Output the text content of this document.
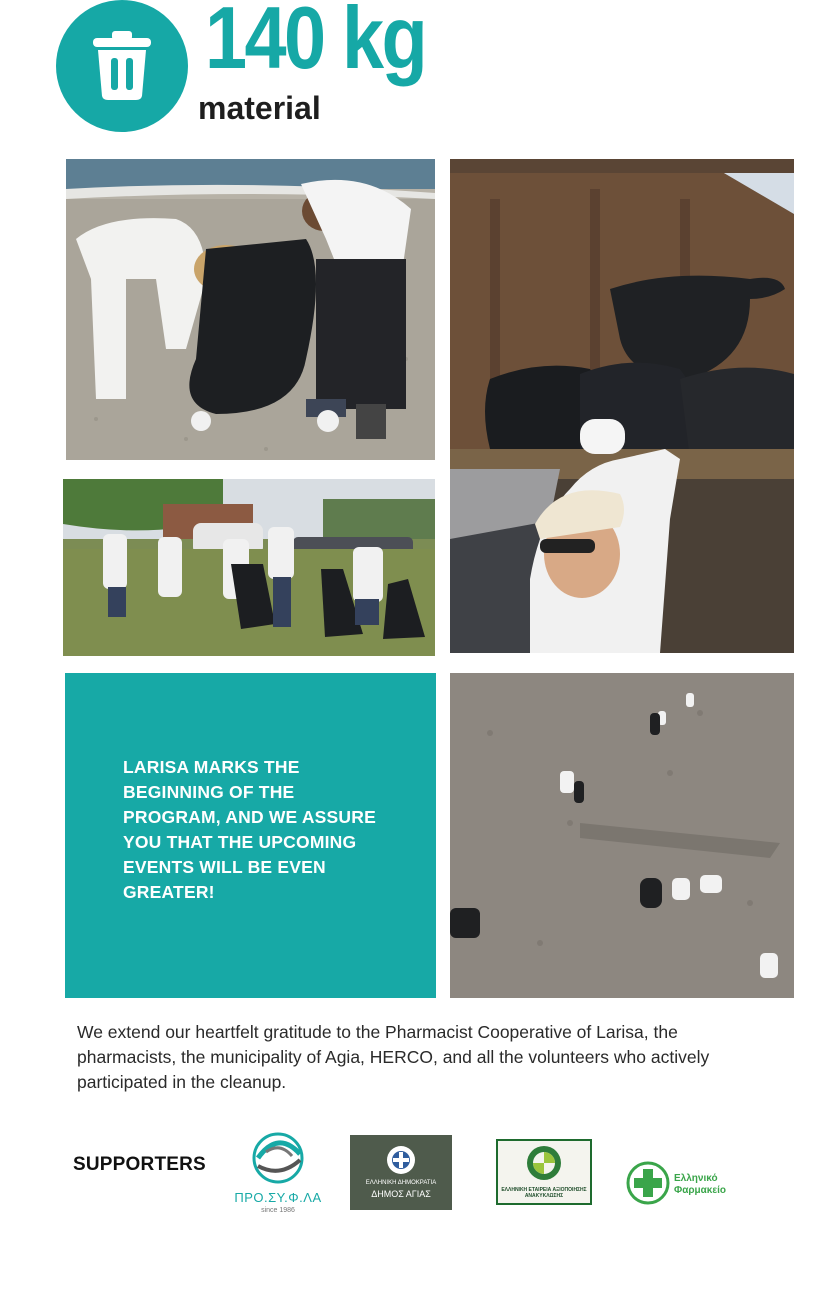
140 kg
material
LARISA MARKS THE BEGINNING OF THE PROGRAM, AND WE ASSURE YOU THAT THE UPCOMING EVENTS WILL BE EVEN GREATER!
We extend our heartfelt gratitude to the Pharmacist Cooperative of Larisa, the pharmacists, the municipality of Agia, HERCO, and all the volunteers who actively participated in the cleanup.
SUPPORTERS
ΠΡΟ.ΣΥ.Φ.ΛΑ
since 1986
ΕΛΛΗΝΙΚΗ ΔΗΜΟΚΡΑΤΙΑ
ΔΗΜΟΣ ΑΓΙΑΣ	ΕΛΛΗΝΙΚΗ ΕΤΑΙΡΕΙΑ ΑΞΙΟΠΟΙΗΣΗΣ ΑΝΑΚΥΚΛΩΣΗΣ
Ελληνικό
Φαρμακείο
